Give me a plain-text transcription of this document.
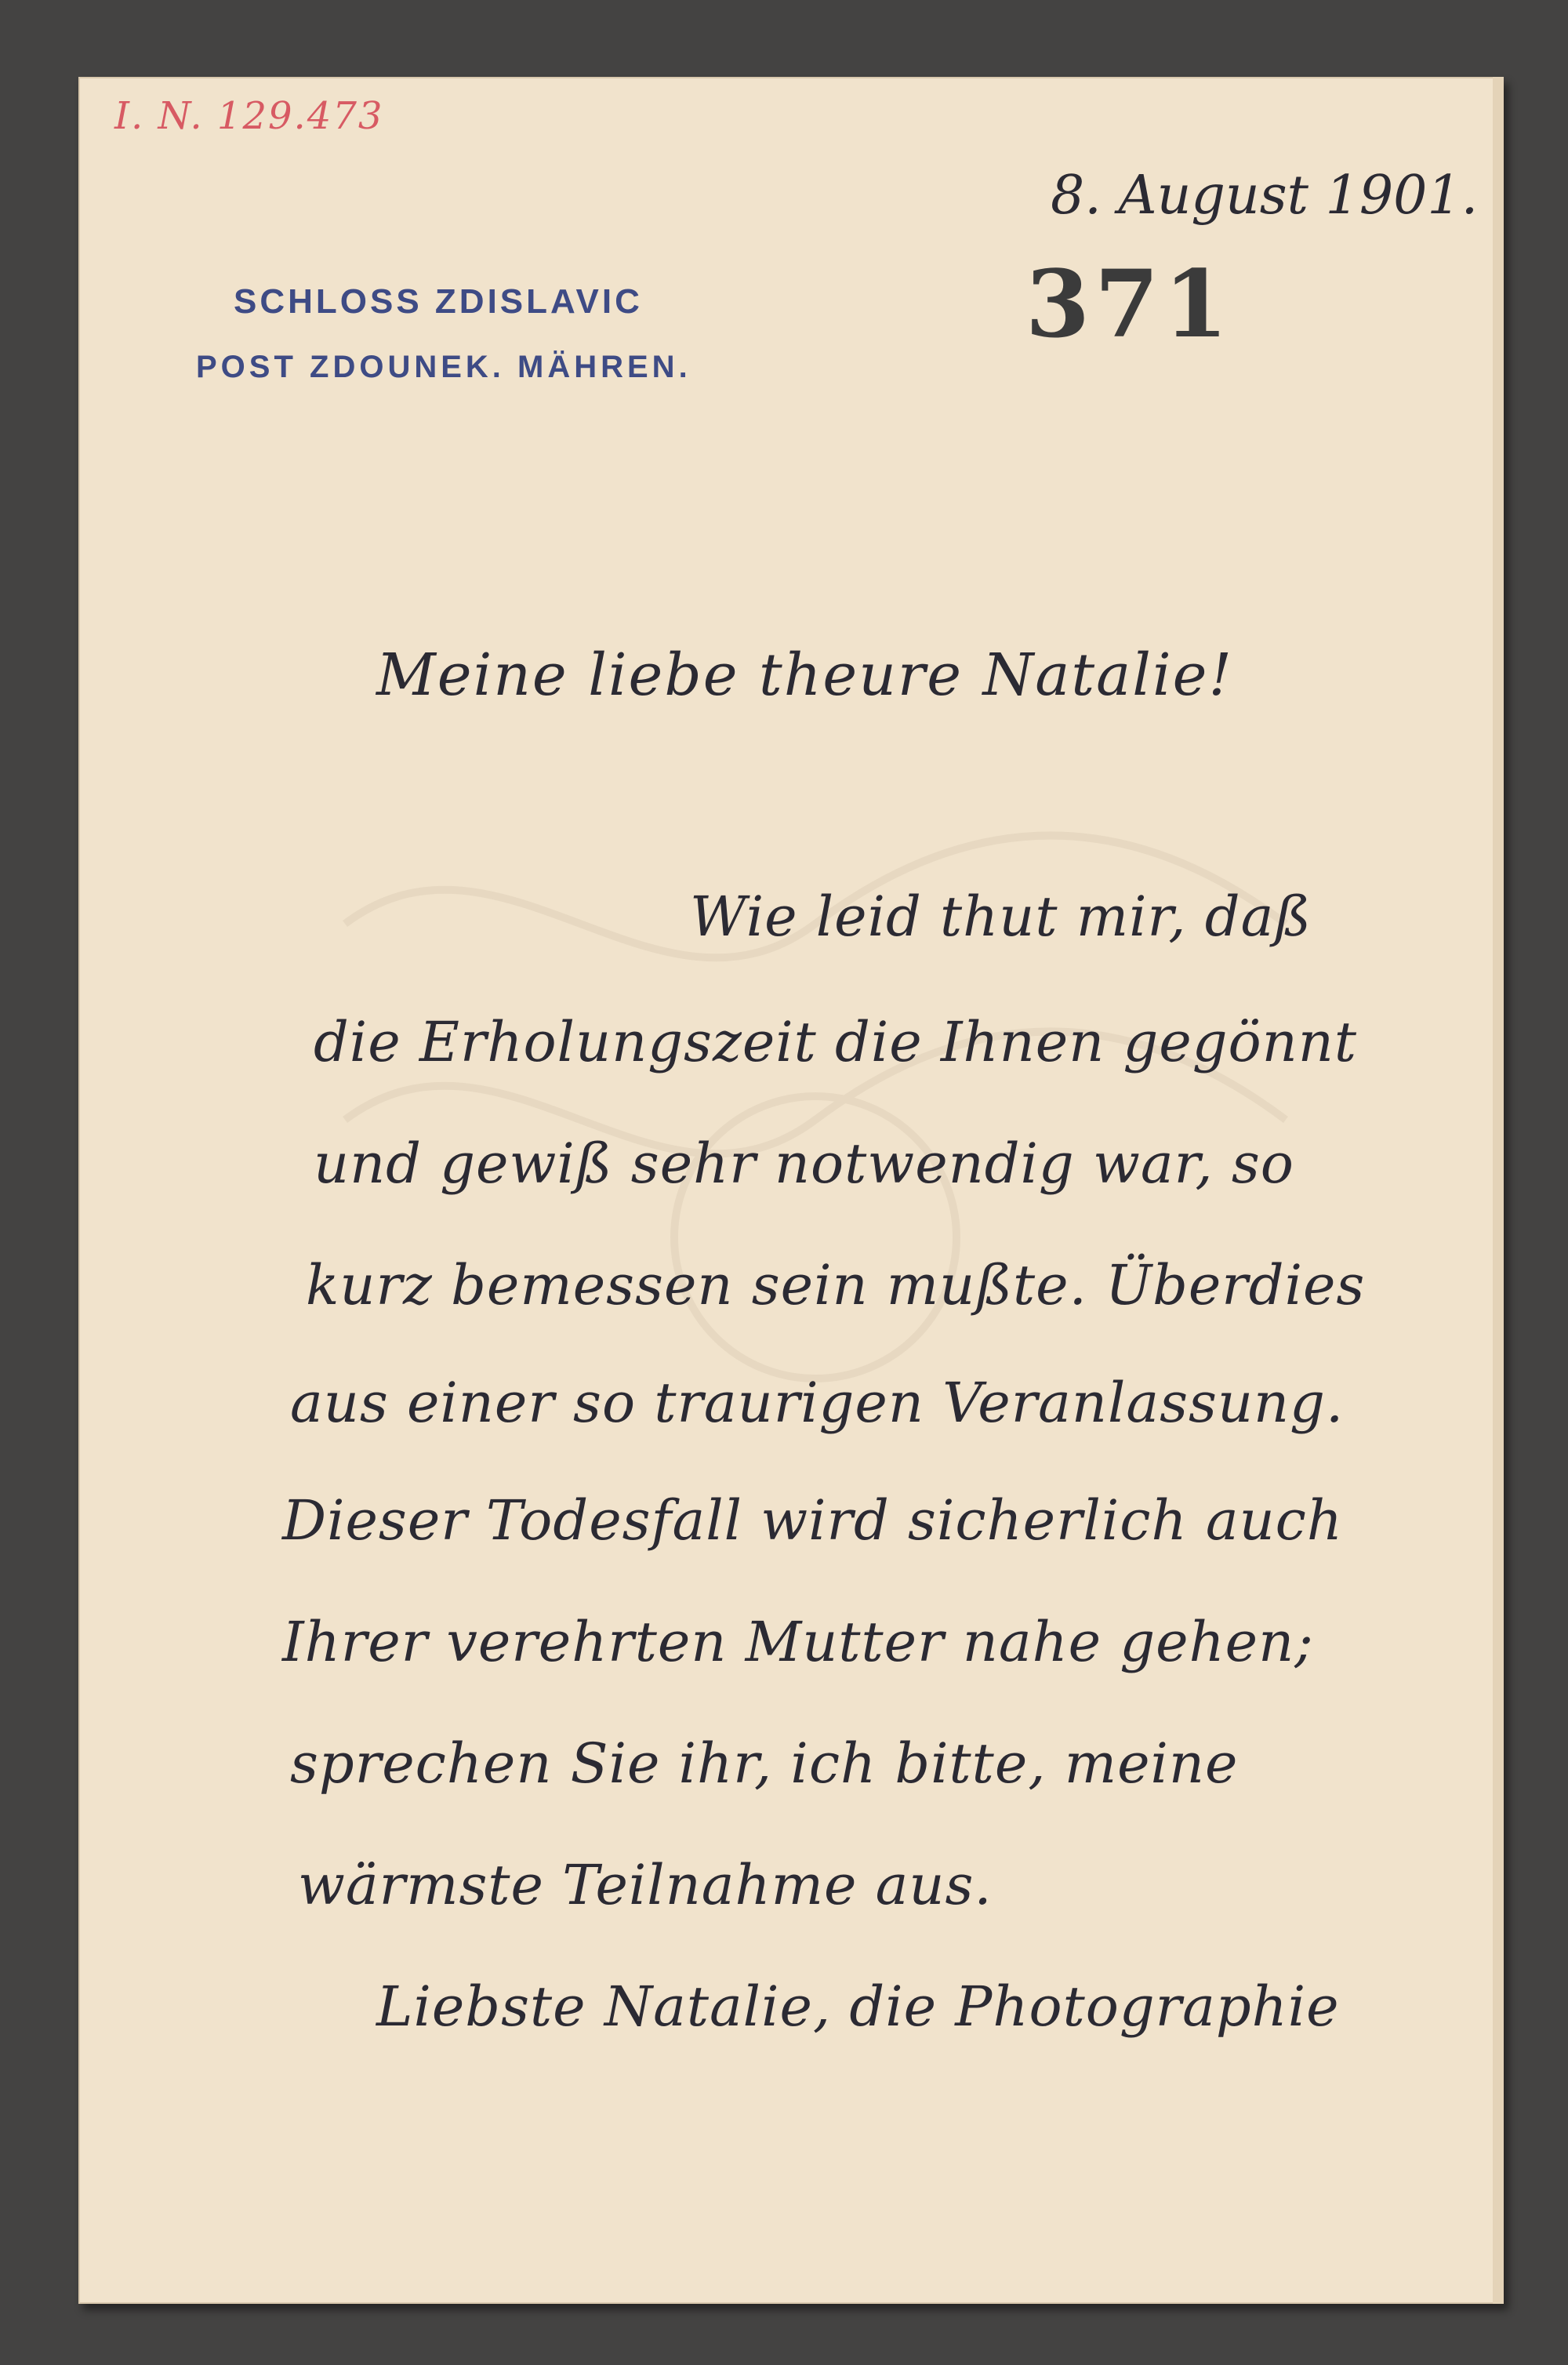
I. N. 129.473
SCHLOSS ZDISLAVIC
POST ZDOUNEK. MÄHREN.
371
8. August 1901.
Meine liebe theure Natalie!
Wie leid thut mir, daß
die Erholungszeit die Ihnen gegönnt
und gewiß sehr notwendig war, so
kurz bemessen sein mußte. Überdies
aus einer so traurigen Veranlassung.
Dieser Todesfall wird sicherlich auch
Ihrer verehrten Mutter nahe gehen;
sprechen Sie ihr, ich bitte, meine
wärmste Teilnahme aus.
Liebste Natalie, die Photographie
